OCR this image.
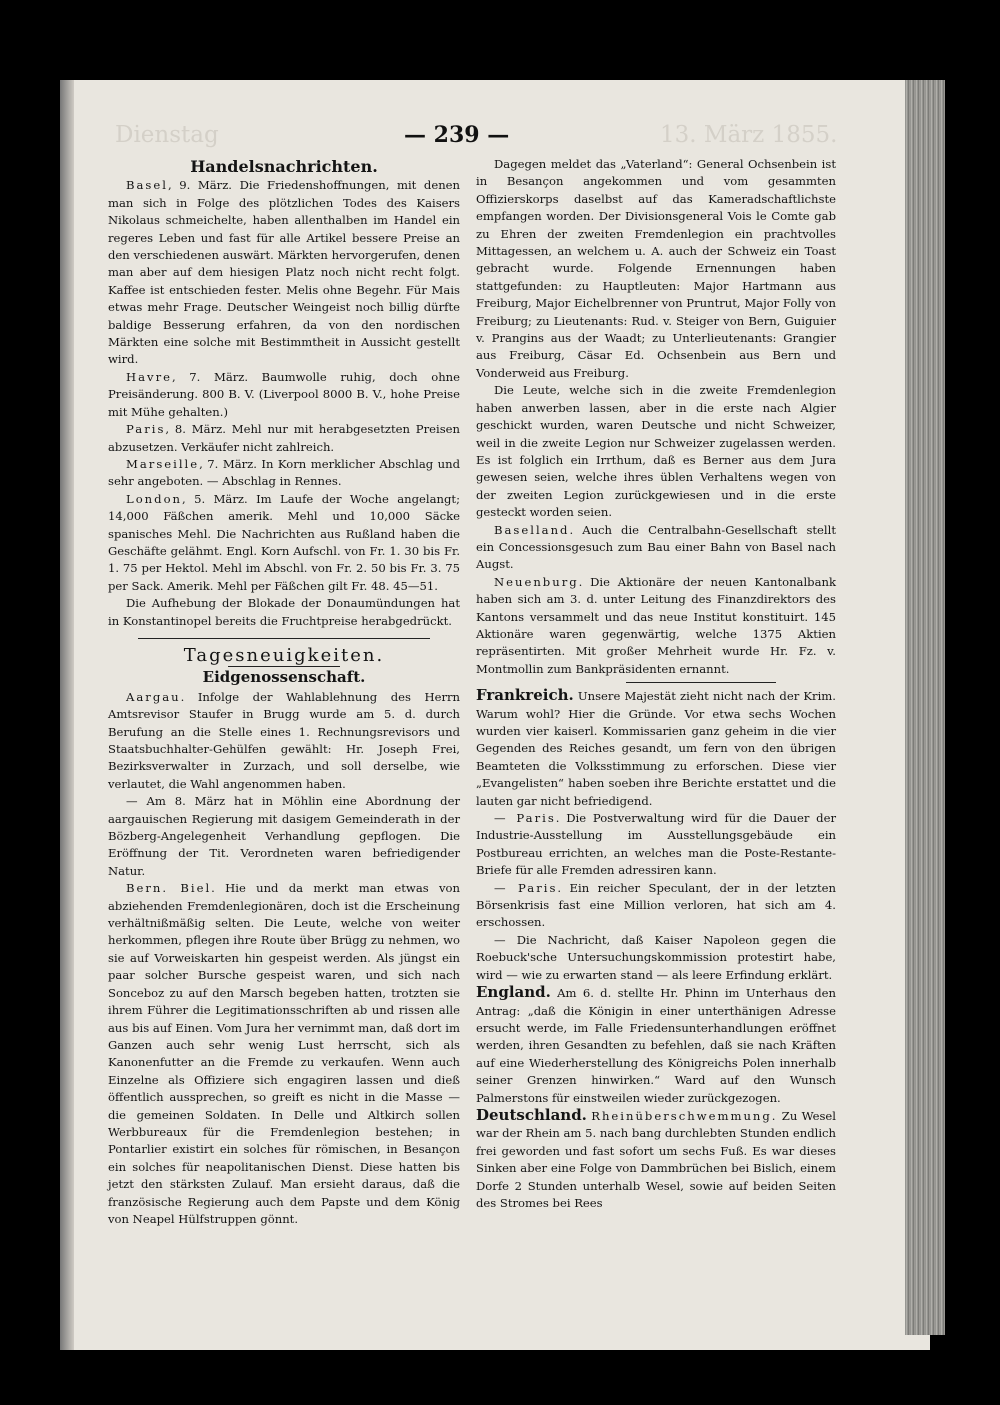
Dienstag	13. März 1855.
— 239 —
Handelsnachrichten.

Basel, 9. März. Die Friedenshoffnungen, mit denen man sich in Folge des plötzlichen Todes des Kaisers Nikolaus schmeichelte, haben allenthalben im Handel ein regeres Leben und fast für alle Artikel bessere Preise an den verschiedenen auswärt. Märkten hervorgerufen, denen man aber auf dem hiesigen Platz noch nicht recht folgt. Kaffee ist entschieden fester. Melis ohne Begehr. Für Mais etwas mehr Frage. Deutscher Weingeist noch billig dürfte baldige Besserung erfahren, da von den nordischen Märkten eine solche mit Bestimmtheit in Aussicht gestellt wird.

Havre, 7. März. Baumwolle ruhig, doch ohne Preisänderung. 800 B. V. (Liverpool 8000 B. V., hohe Preise mit Mühe gehalten.)

Paris, 8. März. Mehl nur mit herabgesetzten Preisen abzusetzen. Verkäufer nicht zahlreich.

Marseille, 7. März. In Korn merklicher Abschlag und sehr angeboten. — Abschlag in Rennes.

London, 5. März. Im Laufe der Woche angelangt; 14,000 Fäßchen amerik. Mehl und 10,000 Säcke spanisches Mehl. Die Nachrichten aus Rußland haben die Geschäfte gelähmt. Engl. Korn Aufschl. von Fr. 1. 30 bis Fr. 1. 75 per Hektol. Mehl im Abschl. von Fr. 2. 50 bis Fr. 3. 75 per Sack. Amerik. Mehl per Fäßchen gilt Fr. 48. 45—51.

Die Aufhebung der Blokade der Donaumündungen hat in Konstantinopel bereits die Fruchtpreise herabgedrückt.

Tagesneuigkeiten.
Eidgenossenschaft.

Aargau. Infolge der Wahlablehnung des Herrn Amtsrevisor Staufer in Brugg wurde am 5. d. durch Berufung an die Stelle eines 1. Rechnungsrevisors und Staatsbuchhalter-Gehülfen gewählt: Hr. Joseph Frei, Bezirksverwalter in Zurzach, und soll derselbe, wie verlautet, die Wahl angenommen haben.

— Am 8. März hat in Möhlin eine Abordnung der aargauischen Regierung mit dasigem Gemeinderath in der Bözberg-Angelegenheit Verhandlung gepflogen. Die Eröffnung der Tit. Verordneten waren befriedigender Natur.

Bern. Biel. Hie und da merkt man etwas von abziehenden Fremdenlegionären, doch ist die Erscheinung verhältnißmäßig selten. Die Leute, welche von weiter herkommen, pflegen ihre Route über Brügg zu nehmen, wo sie auf Vorweiskarten hin gespeist werden. Als jüngst ein paar solcher Bursche gespeist waren, und sich nach Sonceboz zu auf den Marsch begeben hatten, trotzten sie ihrem Führer die Legitimationsschriften ab und rissen alle aus bis auf Einen. Vom Jura her vernimmt man, daß dort im Ganzen auch sehr wenig Lust herrscht, sich als Kanonenfutter an die Fremde zu verkaufen. Wenn auch Einzelne als Offiziere sich engagiren lassen und dieß öffentlich aussprechen, so greift es nicht in die Masse — die gemeinen Soldaten. In Delle und Altkirch sollen Werbbureaux für die Fremdenlegion bestehen; in Pontarlier existirt ein solches für römischen, in Besançon ein solches für neapolitanischen Dienst. Diese hatten bis jetzt den stärksten Zulauf. Man ersieht daraus, daß die französische Regierung auch dem Papste und dem König von Neapel Hülfstruppen gönnt.

Dagegen meldet das „Vaterland“: General Ochsenbein ist in Besançon angekommen und vom gesammten Offizierskorps daselbst auf das Kameradschaftlichste empfangen worden. Der Divisionsgeneral Vois le Comte gab zu Ehren der zweiten Fremdenlegion ein prachtvolles Mittagessen, an welchem u. A. auch der Schweiz ein Toast gebracht wurde. Folgende Ernennungen haben stattgefunden: zu Hauptleuten: Major Hartmann aus Freiburg, Major Eichelbrenner von Pruntrut, Major Folly von Freiburg; zu Lieutenants: Rud. v. Steiger von Bern, Guiguier v. Prangins aus der Waadt; zu Unterlieutenants: Grangier aus Freiburg, Cäsar Ed. Ochsenbein aus Bern und Vonderweid aus Freiburg.

Die Leute, welche sich in die zweite Fremdenlegion haben anwerben lassen, aber in die erste nach Algier geschickt wurden, waren Deutsche und nicht Schweizer, weil in die zweite Legion nur Schweizer zugelassen werden. Es ist folglich ein Irrthum, daß es Berner aus dem Jura gewesen seien, welche ihres üblen Verhaltens wegen von der zweiten Legion zurückgewiesen und in die erste gesteckt worden seien.

Baselland. Auch die Centralbahn-Gesellschaft stellt ein Concessionsgesuch zum Bau einer Bahn von Basel nach Augst.

Neuenburg. Die Aktionäre der neuen Kantonalbank haben sich am 3. d. unter Leitung des Finanzdirektors des Kantons versammelt und das neue Institut konstituirt. 145 Aktionäre waren gegenwärtig, welche 1375 Aktien repräsentirten. Mit großer Mehrheit wurde Hr. Fz. v. Montmollin zum Bankpräsidenten ernannt.

Frankreich. Unsere Majestät zieht nicht nach der Krim. Warum wohl? Hier die Gründe. Vor etwa sechs Wochen wurden vier kaiserl. Kommissarien ganz geheim in die vier Gegenden des Reiches gesandt, um fern von den übrigen Beamteten die Volksstimmung zu erforschen. Diese vier „Evangelisten“ haben soeben ihre Berichte erstattet und die lauten gar nicht befriedigend.

— Paris. Die Postverwaltung wird für die Dauer der Industrie-Ausstellung im Ausstellungsgebäude ein Postbureau errichten, an welches man die Poste-Restante-Briefe für alle Fremden adressiren kann.

— Paris. Ein reicher Speculant, der in der letzten Börsenkrisis fast eine Million verloren, hat sich am 4. erschossen.

— Die Nachricht, daß Kaiser Napoleon gegen die Roebuck'sche Untersuchungskommission protestirt habe, wird — wie zu erwarten stand — als leere Erfindung erklärt.

England. Am 6. d. stellte Hr. Phinn im Unterhaus den Antrag: „daß die Königin in einer unterthänigen Adresse ersucht werde, im Falle Friedensunterhandlungen eröffnet werden, ihren Gesandten zu befehlen, daß sie nach Kräften auf eine Wiederherstellung des Königreichs Polen innerhalb seiner Grenzen hinwirken.“ Ward auf den Wunsch Palmerstons für einstweilen wieder zurückgezogen.

Deutschland. Rheinüberschwemmung. Zu Wesel war der Rhein am 5. nach bang durchlebten Stunden endlich frei geworden und fast sofort um sechs Fuß. Es war dieses Sinken aber eine Folge von Dammbrüchen bei Bislich, einem Dorfe 2 Stunden unterhalb Wesel, sowie auf beiden Seiten des Stromes bei Rees
